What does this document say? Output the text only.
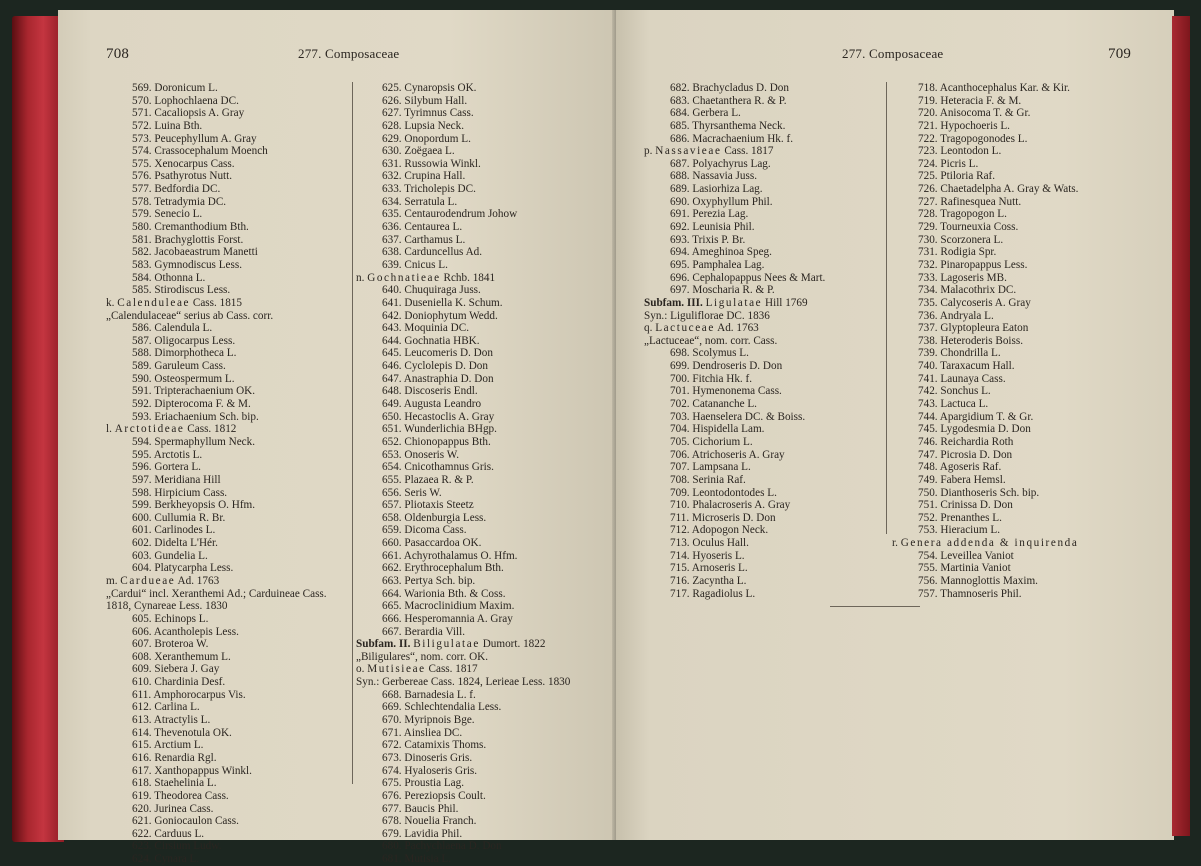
708	277. Composaceae
569. Doronicum L.
570. Lophochlaena DC.
571. Cacaliopsis A. Gray
572. Luina Bth.
573. Peucephyllum A. Gray
574. Crassocephalum Moench
575. Xenocarpus Cass.
576. Psathyrotus Nutt.
577. Bedfordia DC.
578. Tetradymia DC.
579. Senecio L.
580. Cremanthodium Bth.
581. Brachyglottis Forst.
582. Jacobaeastrum Manetti
583. Gymnodiscus Less.
584. Othonna L.
585. Stirodiscus Less.
k. Calenduleae Cass. 1815
„Calendulaceae“ serius ab Cass. corr.
586. Calendula L.
587. Oligocarpus Less.
588. Dimorphotheca L.
589. Garuleum Cass.
590. Osteospermum L.
591. Tripterachaenium OK.
592. Dipterocoma F. & M.
593. Eriachaenium Sch. bip.
l. Arctotideae Cass. 1812
594. Spermaphyllum Neck.
595. Arctotis L.
596. Gortera L.
597. Meridiana Hill
598. Hirpicium Cass.
599. Berkheyopsis O. Hfm.
600. Cullumia R. Br.
601. Carlinodes L.
602. Didelta L'Hér.
603. Gundelia L.
604. Platycarpha Less.
m. Cardueae Ad. 1763
„Cardui“ incl. Xeranthemi Ad.; Carduineae Cass.
1818, Cynareae Less. 1830
605. Echinops L.
606. Acantholepis Less.
607. Broteroa W.
608. Xeranthemum L.
609. Siebera J. Gay
610. Chardinia Desf.
611. Amphorocarpus Vis.
612. Carlina L.
613. Atractylis L.
614. Thevenotula OK.
615. Arctium L.
616. Renardia Rgl.
617. Xanthopappus Winkl.
618. Staehelinia L.
619. Theodorea Cass.
620. Jurinea Cass.
621. Goniocaulon Cass.
622. Carduus L.
623. Cirsium Ludw.
624. Cynara L.
625. Cynaropsis OK.
626. Silybum Hall.
627. Tyrimnus Cass.
628. Lupsia Neck.
629. Onopordum L.
630. Zoëgaea L.
631. Russowia Winkl.
632. Crupina Hall.
633. Tricholepis DC.
634. Serratula L.
635. Centaurodendrum Johow
636. Centaurea L.
637. Carthamus L.
638. Carduncellus Ad.
639. Cnicus L.
n. Gochnatieae Rchb. 1841
640. Chuquiraga Juss.
641. Duseniella K. Schum.
642. Doniophytum Wedd.
643. Moquinia DC.
644. Gochnatia HBK.
645. Leucomeris D. Don
646. Cyclolepis D. Don
647. Anastraphia D. Don
648. Discoseris Endl.
649. Augusta Leandro
650. Hecastoclis A. Gray
651. Wunderlichia BHgp.
652. Chionopappus Bth.
653. Onoseris W.
654. Cnicothamnus Gris.
655. Plazaea R. & P.
656. Seris W.
657. Pliotaxis Steetz
658. Oldenburgia Less.
659. Dicoma Cass.
660. Pasaccardoa OK.
661. Achyrothalamus O. Hfm.
662. Erythrocephalum Bth.
663. Pertya Sch. bip.
664. Warionia Bth. & Coss.
665. Macroclinidium Maxim.
666. Hesperomannia A. Gray
667. Berardia Vill.
Subfam. II. Biligulatae Dumort. 1822
„Biligulares“, nom. corr. OK.
o. Mutisieae Cass. 1817
Syn.: Gerbereae Cass. 1824, Lerieae Less. 1830
668. Barnadesia L. f.
669. Schlechtendalia Less.
670. Myripnois Bge.
671. Ainsliea DC.
672. Catamixis Thoms.
673. Dinoseris Gris.
674. Hyaloseris Gris.
675. Proustia Lag.
676. Pereziopsis Coult.
677. Baucis Phil.
678. Nouelia Franch.
679. Lavidia Phil.
680. Pachychlaena D. Don
681. Mutisia L.
277. Composaceae	709
682. Brachycladus D. Don
683. Chaetanthera R. & P.
684. Gerbera L.
685. Thyrsanthema Neck.
686. Macrachaenium Hk. f.
p. Nassavieae Cass. 1817
687. Polyachyrus Lag.
688. Nassavia Juss.
689. Lasiorhiza Lag.
690. Oxyphyllum Phil.
691. Perezia Lag.
692. Leunisia Phil.
693. Trixis P. Br.
694. Ameghinoa Speg.
695. Pamphalea Lag.
696. Cephalopappus Nees & Mart.
697. Moscharia R. & P.
Subfam. III. Ligulatae Hill 1769
Syn.: Liguliflorae DC. 1836
q. Lactuceae Ad. 1763
„Lactuceae“, nom. corr. Cass.
698. Scolymus L.
699. Dendroseris D. Don
700. Fitchia Hk. f.
701. Hymenonema Cass.
702. Catananche L.
703. Haenselera DC. & Boiss.
704. Hispidella Lam.
705. Cichorium L.
706. Atrichoseris A. Gray
707. Lampsana L.
708. Serinia Raf.
709. Leontodontodes L.
710. Phalacroseris A. Gray
711. Microseris D. Don
712. Adopogon Neck.
713. Oculus Hall.
714. Hyoseris L.
715. Arnoseris L.
716. Zacyntha L.
717. Ragadiolus L.
718. Acanthocephalus Kar. & Kir.
719. Heteracia F. & M.
720. Anisocoma T. & Gr.
721. Hypochoeris L.
722. Tragopogonodes L.
723. Leontodon L.
724. Picris L.
725. Ptiloria Raf.
726. Chaetadelpha A. Gray & Wats.
727. Rafinesquea Nutt.
728. Tragopogon L.
729. Tourneuxia Coss.
730. Scorzonera L.
731. Rodigia Spr.
732. Pinaropappus Less.
733. Lagoseris MB.
734. Malacothrix DC.
735. Calycoseris A. Gray
736. Andryala L.
737. Glyptopleura Eaton
738. Heteroderis Boiss.
739. Chondrilla L.
740. Taraxacum Hall.
741. Launaya Cass.
742. Sonchus L.
743. Lactuca L.
744. Apargidium T. & Gr.
745. Lygodesmia D. Don
746. Reichardia Roth
747. Picrosia D. Don
748. Agoseris Raf.
749. Fabera Hemsl.
750. Dianthoseris Sch. bip.
751. Crinissa D. Don
752. Prenanthes L.
753. Hieracium L.
r. Genera addenda & inquirenda
754. Leveillea Vaniot
755. Martinia Vaniot
756. Mannoglottis Maxim.
757. Thamnoseris Phil.
